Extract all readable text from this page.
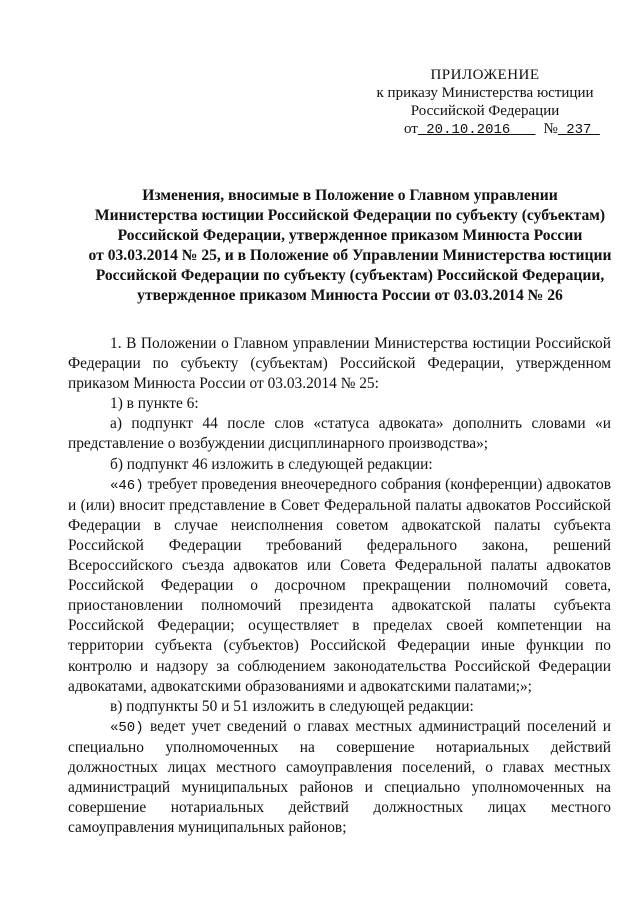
ПРИЛОЖЕНИЕ
к приказу Министерства юстиции
Российской Федерации
от 20.10.2016 № 237
Изменения, вносимые в Положение о Главном управлении
Министерства юстиции Российской Федерации по субъекту (субъектам)
Российской Федерации, утвержденное приказом Минюста России
от 03.03.2014 № 25, и в Положение об Управлении Министерства юстиции
Российской Федерации по субъекту (субъектам) Российской Федерации,
утвержденное приказом Минюста России от 03.03.2014 № 26

1. В Положении о Главном управлении Министерства юстиции Российской Федерации по субъекту (субъектам) Российской Федерации, утвержденном приказом Минюста России от 03.03.2014 № 25:

1) в пункте 6:

а) подпункт 44 после слов «статуса адвоката» дополнить словами «и представление о возбуждении дисциплинарного производства»;

б) подпункт 46 изложить в следующей редакции:

«46) требует проведения внеочередного собрания (конференции) адвокатов и (или) вносит представление в Совет Федеральной палаты адвокатов Российской Федерации в случае неисполнения советом адвокатской палаты субъекта Российской Федерации требований федерального закона, решений Всероссийского съезда адвокатов или Совета Федеральной палаты адвокатов Российской Федерации о досрочном прекращении полномочий совета, приостановлении полномочий президента адвокатской палаты субъекта Российской Федерации; осуществляет в пределах своей компетенции на территории субъекта (субъектов) Российской Федерации иные функции по контролю и надзору за соблюдением законодательства Российской Федерации адвокатами, адвокатскими образованиями и адвокатскими палатами;»;

в) подпункты 50 и 51 изложить в следующей редакции:

«50) ведет учет сведений о главах местных администраций поселений и специально уполномоченных на совершение нотариальных действий должностных лицах местного самоуправления поселений, о главах местных администраций муниципальных районов и специально уполномоченных на совершение нотариальных действий должностных лицах местного самоуправления муниципальных районов;
